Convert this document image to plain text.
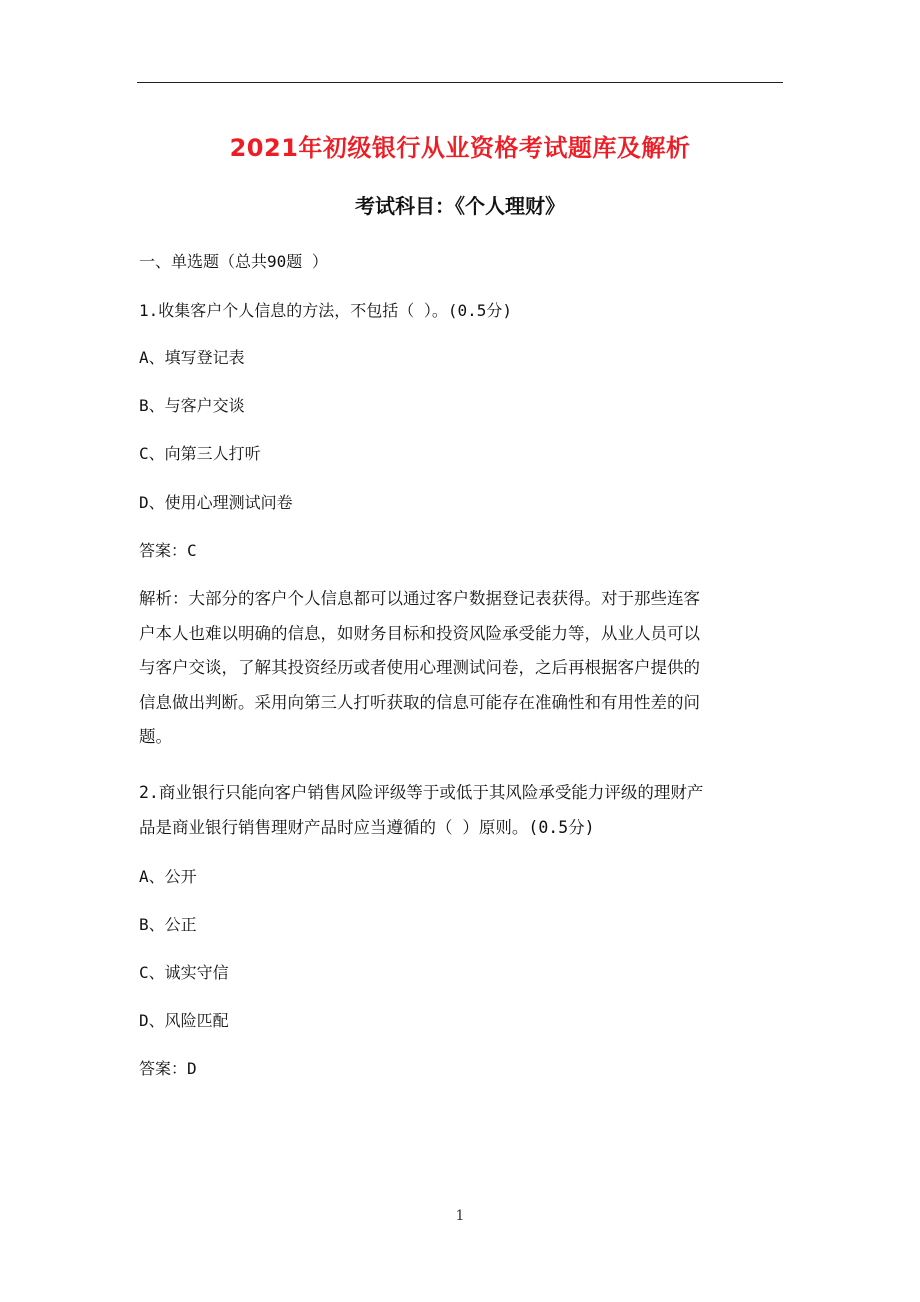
2021年初级银行从业资格考试题库及解析
考试科目：《个人理财》
一、单选题（总共90题 ）
1.收集客户个人信息的方法，不包括（ ）。(0.5分)
A、填写登记表
B、与客户交谈
C、向第三人打听
D、使用心理测试问卷
答案：C
解析：大部分的客户个人信息都可以通过客户数据登记表获得。对于那些连客
户本人也难以明确的信息，如财务目标和投资风险承受能力等，从业人员可以
与客户交谈，了解其投资经历或者使用心理测试问卷，之后再根据客户提供的
信息做出判断。采用向第三人打听获取的信息可能存在准确性和有用性差的问
题。
2.商业银行只能向客户销售风险评级等于或低于其风险承受能力评级的理财产
品是商业银行销售理财产品时应当遵循的（ ）原则。(0.5分)
A、公开
B、公正
C、诚实守信
D、风险匹配
答案：D
1
